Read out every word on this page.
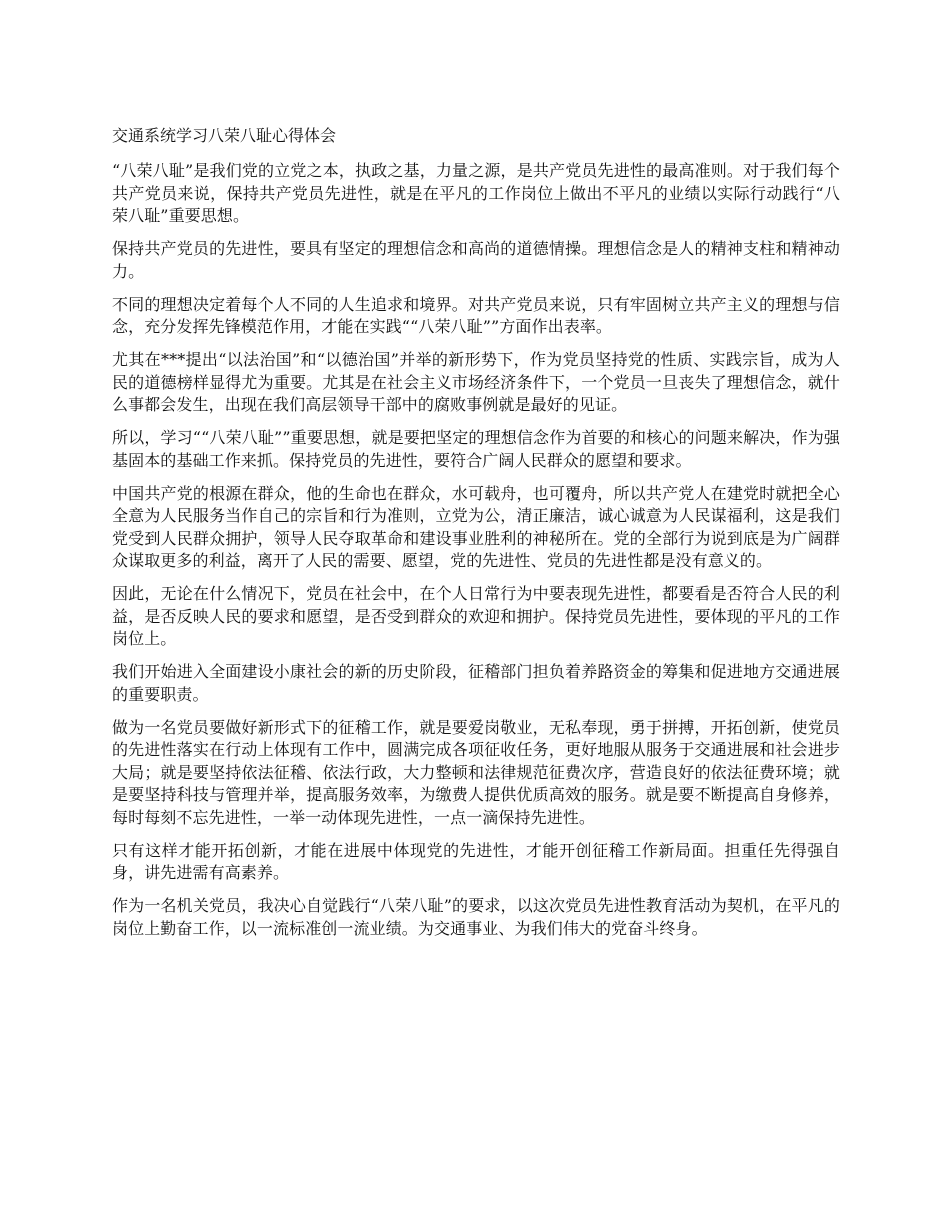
交通系统学习八荣八耻心得体会

“八荣八耻”是我们党的立党之本，执政之基，力量之源，是共产党员先进性的最高准则。对于我们每个共产党员来说，保持共产党员先进性，就是在平凡的工作岗位上做出不平凡的业绩以实际行动践行“八荣八耻”重要思想。

保持共产党员的先进性，要具有坚定的理想信念和高尚的道德情操。理想信念是人的精神支柱和精神动力。

不同的理想决定着每个人不同的人生追求和境界。对共产党员来说，只有牢固树立共产主义的理想与信念，充分发挥先锋模范作用，才能在实践““八荣八耻””方面作出表率。

尤其在***提出“以法治国”和“以德治国”并举的新形势下，作为党员坚持党的性质、实践宗旨，成为人民的道德榜样显得尤为重要。尤其是在社会主义市场经济条件下，一个党员一旦丧失了理想信念，就什么事都会发生，出现在我们高层领导干部中的腐败事例就是最好的见证。

所以，学习““八荣八耻””重要思想，就是要把坚定的理想信念作为首要的和核心的问题来解决，作为强基固本的基础工作来抓。保持党员的先进性，要符合广阔人民群众的愿望和要求。

中国共产党的根源在群众，他的生命也在群众，水可载舟，也可覆舟，所以共产党人在建党时就把全心全意为人民服务当作自己的宗旨和行为准则，立党为公，清正廉洁，诚心诚意为人民谋福利，这是我们党受到人民群众拥护，领导人民夺取革命和建设事业胜利的神秘所在。党的全部行为说到底是为广阔群众谋取更多的利益，离开了人民的需要、愿望，党的先进性、党员的先进性都是没有意义的。

因此，无论在什么情况下，党员在社会中，在个人日常行为中要表现先进性，都要看是否符合人民的利益，是否反映人民的要求和愿望，是否受到群众的欢迎和拥护。保持党员先进性，要体现的平凡的工作岗位上。

我们开始进入全面建设小康社会的新的历史阶段，征稽部门担负着养路资金的筹集和促进地方交通进展的重要职责。

做为一名党员要做好新形式下的征稽工作，就是要爱岗敬业，无私奉现，勇于拼搏，开拓创新，使党员的先进性落实在行动上体现有工作中，圆满完成各项征收任务，更好地服从服务于交通进展和社会进步大局；就是要坚持依法征稽、依法行政，大力整顿和法律规范征费次序，营造良好的依法征费环境；就是要坚持科技与管理并举，提高服务效率，为缴费人提供优质高效的服务。就是要不断提高自身修养，每时每刻不忘先进性，一举一动体现先进性，一点一滴保持先进性。

只有这样才能开拓创新，才能在进展中体现党的先进性，才能开创征稽工作新局面。担重任先得强自身，讲先进需有高素养。

作为一名机关党员，我决心自觉践行“八荣八耻”的要求，以这次党员先进性教育活动为契机，在平凡的岗位上勤奋工作，以一流标准创一流业绩。为交通事业、为我们伟大的党奋斗终身。
